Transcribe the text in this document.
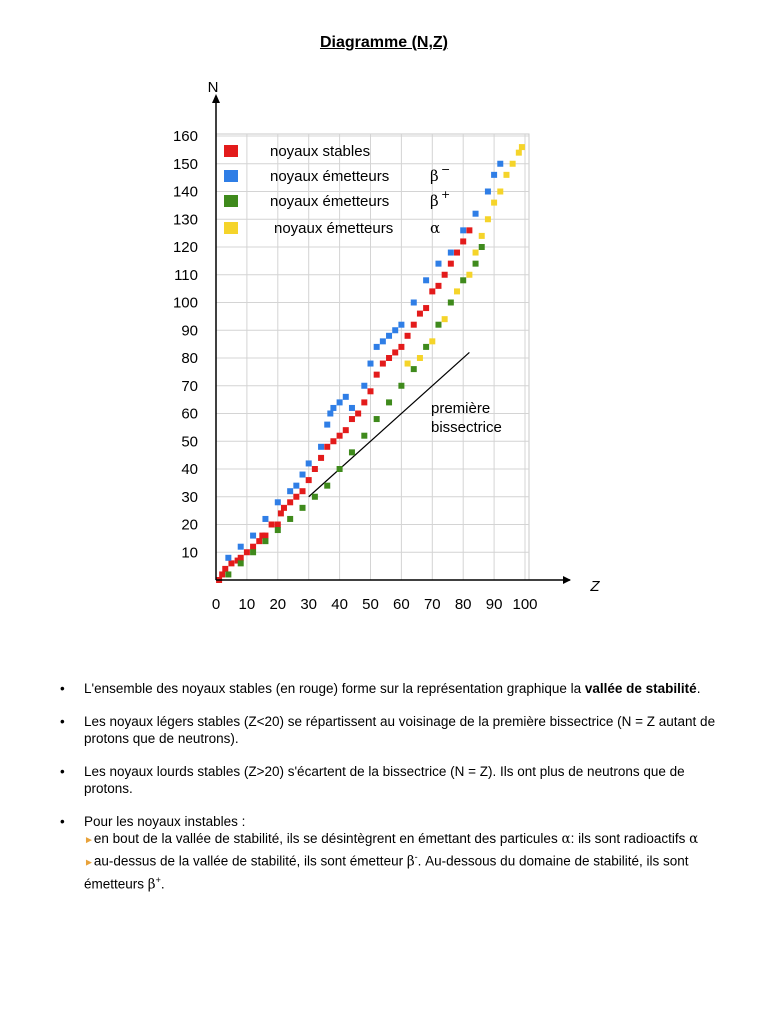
Diagramme (N,Z)
N
Z
0 10 20 30 40 50 60 70 80 90 100
10
20
30
40
50
60
70
80
90
100
110
120
130
140
150
160
noyaux stables
noyaux émetteurs	β −
noyaux émetteurs	β +
noyaux émetteurs α
première
bissectrice
• L'ensemble des noyaux stables (en rouge) forme sur la représentation graphique la vallée de stabilité.
• Les noyaux légers stables (Z<20) se répartissent au voisinage de la première bissectrice (N = Z autant de protons que de neutrons).
• Les noyaux lourds stables (Z>20) s'écartent de la bissectrice (N = Z). Ils ont plus de neutrons que de protons.
• Pour les noyaux instables :
►en bout de la vallée de stabilité, ils se désintègrent en émettant des particules α: ils sont radioactifs α
►au-dessus de la vallée de stabilité, ils sont émetteur β-. Au-dessous du domaine de stabilité, ils sont émetteurs β+.
